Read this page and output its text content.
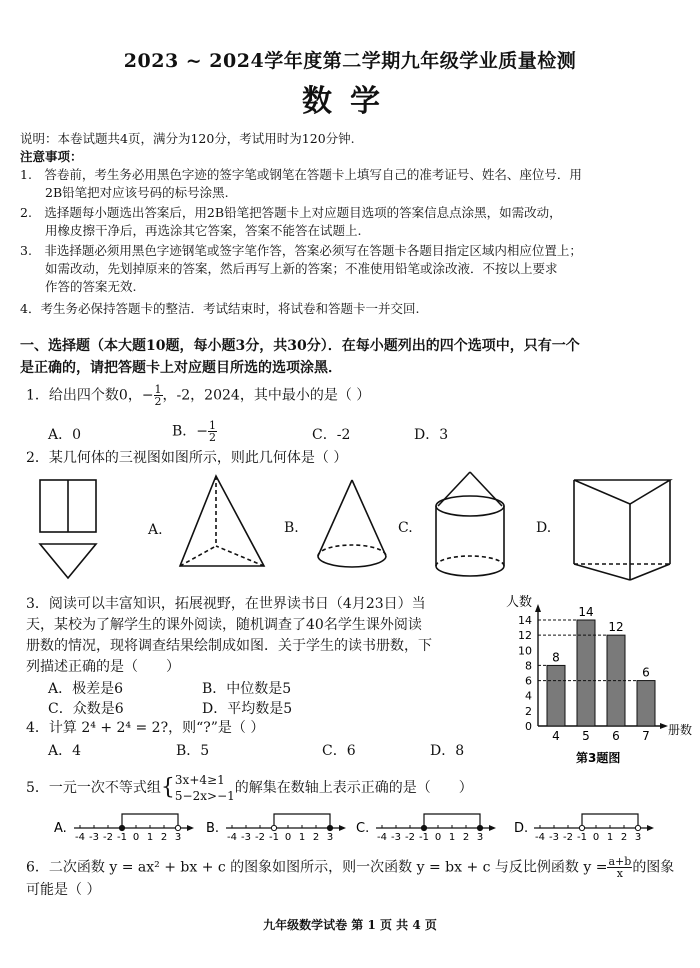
2023 ~ 2024学年度第二学期九年级学业质量检测
数学
说明：本卷试题共4页，满分为120分，考试用时为120分钟.
注意事项：
1.　答卷前，考生务必用黑色字迹的签字笔或钢笔在答题卡上填写自己的准考证号、姓名、座位号．用
　　2B铅笔把对应该号码的标号涂黑.
2.　选择题每小题选出答案后，用2B铅笔把答题卡上对应题目选项的答案信息点涂黑，如需改动，
　　用橡皮擦干净后，再选涂其它答案，答案不能答在试题上.
3.　非选择题必须用黑色字迹钢笔或签字笔作答，答案必须写在答题卡各题目指定区域内相应位置上；
　　如需改动，先划掉原来的答案，然后再写上新的答案；不准使用铅笔或涂改液．不按以上要求
　　作答的答案无效.
4．考生务必保持答题卡的整洁．考试结束时，将试卷和答题卡一并交回.
一、选择题（本大题10题，每小题3分，共30分）．在每小题列出的四个选项中，只有一个
是正确的，请把答题卡上对应题目所选的选项涂黑．
1．给出四个数0，− $\frac{1}{2}$ ，-2，2024，其中最小的是（ ）
A．0	B．− $\frac{1}{2}$	C．-2	D．3
2．某几何体的三视图如图所示，则此几何体是（ ）
A.	B.	C.	D.
3．阅读可以丰富知识，拓展视野，在世界读书日（4月23日）当
天，某校为了解学生的课外阅读，随机调查了40名学生课外阅读
册数的情况，现将调查结果绘制成如图．关于学生的读书册数，下
列描述正确的是（　　）
A．极差是6	B．中位数是5
C．众数是6	D．平均数是5
人数
册数
第3题图
0
2
4
6
8
10
12
14
8
4
14
5
12
6
6
7
4．计算 2⁴ + 2⁴ = 2?，则“?”是（ ）
A．4	B．5	C．6	D．8
5．一元一次不等式组{ 3x+4≥1
5−2x>−1 的解集在数轴上表示正确的是（　　）
-4 -3 -2 -1 0 1 2 3
A.
-4 -3 -2 -1 0 1 2 3
B.
-4 -3 -2 -1 0 1 2 3
C.
-4 -3 -2 -1 0 1 2 3
D.
6．二次函数 y = ax² + bx + c 的图象如图所示，则一次函数 y = bx + c 与反比例函数 $y = \frac{a+b}{x}$ 的图象
可能是（ ）
九年级数学试卷 第 1 页 共 4 页
